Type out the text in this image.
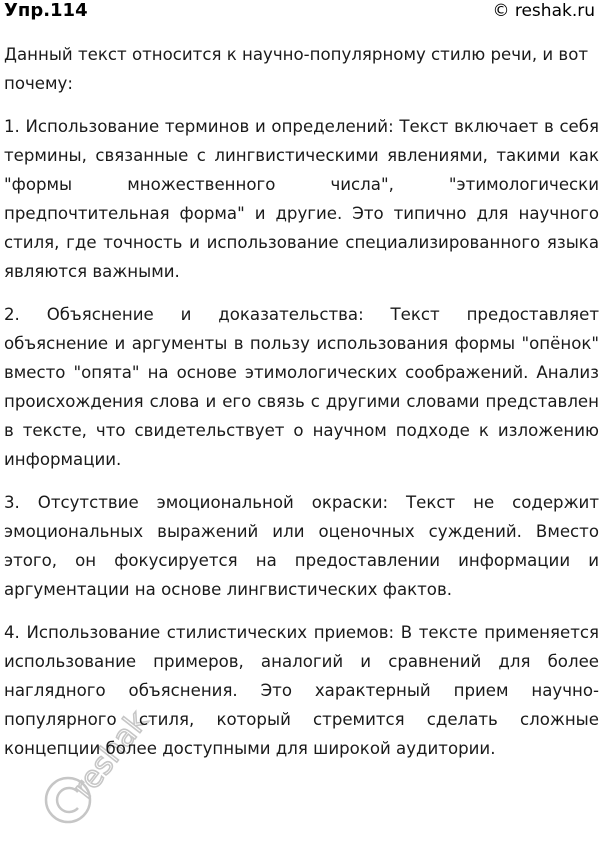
Упр.114	© reshak.ru

Данный текст относится к научно-популярному стилю речи, и вот почему:

1. Использование терминов и определений: Текст включает в себя термины, связанные с лингвистическими явлениями, такими как "формы множественного числа", "этимологически предпочтительная форма" и другие. Это типично для научного стиля, где точность и использование специализированного языка являются важными.

2. Объяснение и доказательства: Текст предоставляет объяснение и аргументы в пользу использования формы "опёнок" вместо "опята" на основе этимологических соображений. Анализ происхождения слова и его связь с другими словами представлен в тексте, что свидетельствует о научном подходе к изложению информации.

3. Отсутствие эмоциональной окраски: Текст не содержит эмоциональных выражений или оценочных суждений. Вместо этого, он фокусируется на предоставлении информации и аргументации на основе лингвистических фактов.

4. Использование стилистических приемов: В тексте применяется использование примеров, аналогий и сравнений для более наглядного объяснения. Это характерный прием научно-популярного стиля, который стремится сделать сложные концепции более доступными для широкой аудитории.

reshak
